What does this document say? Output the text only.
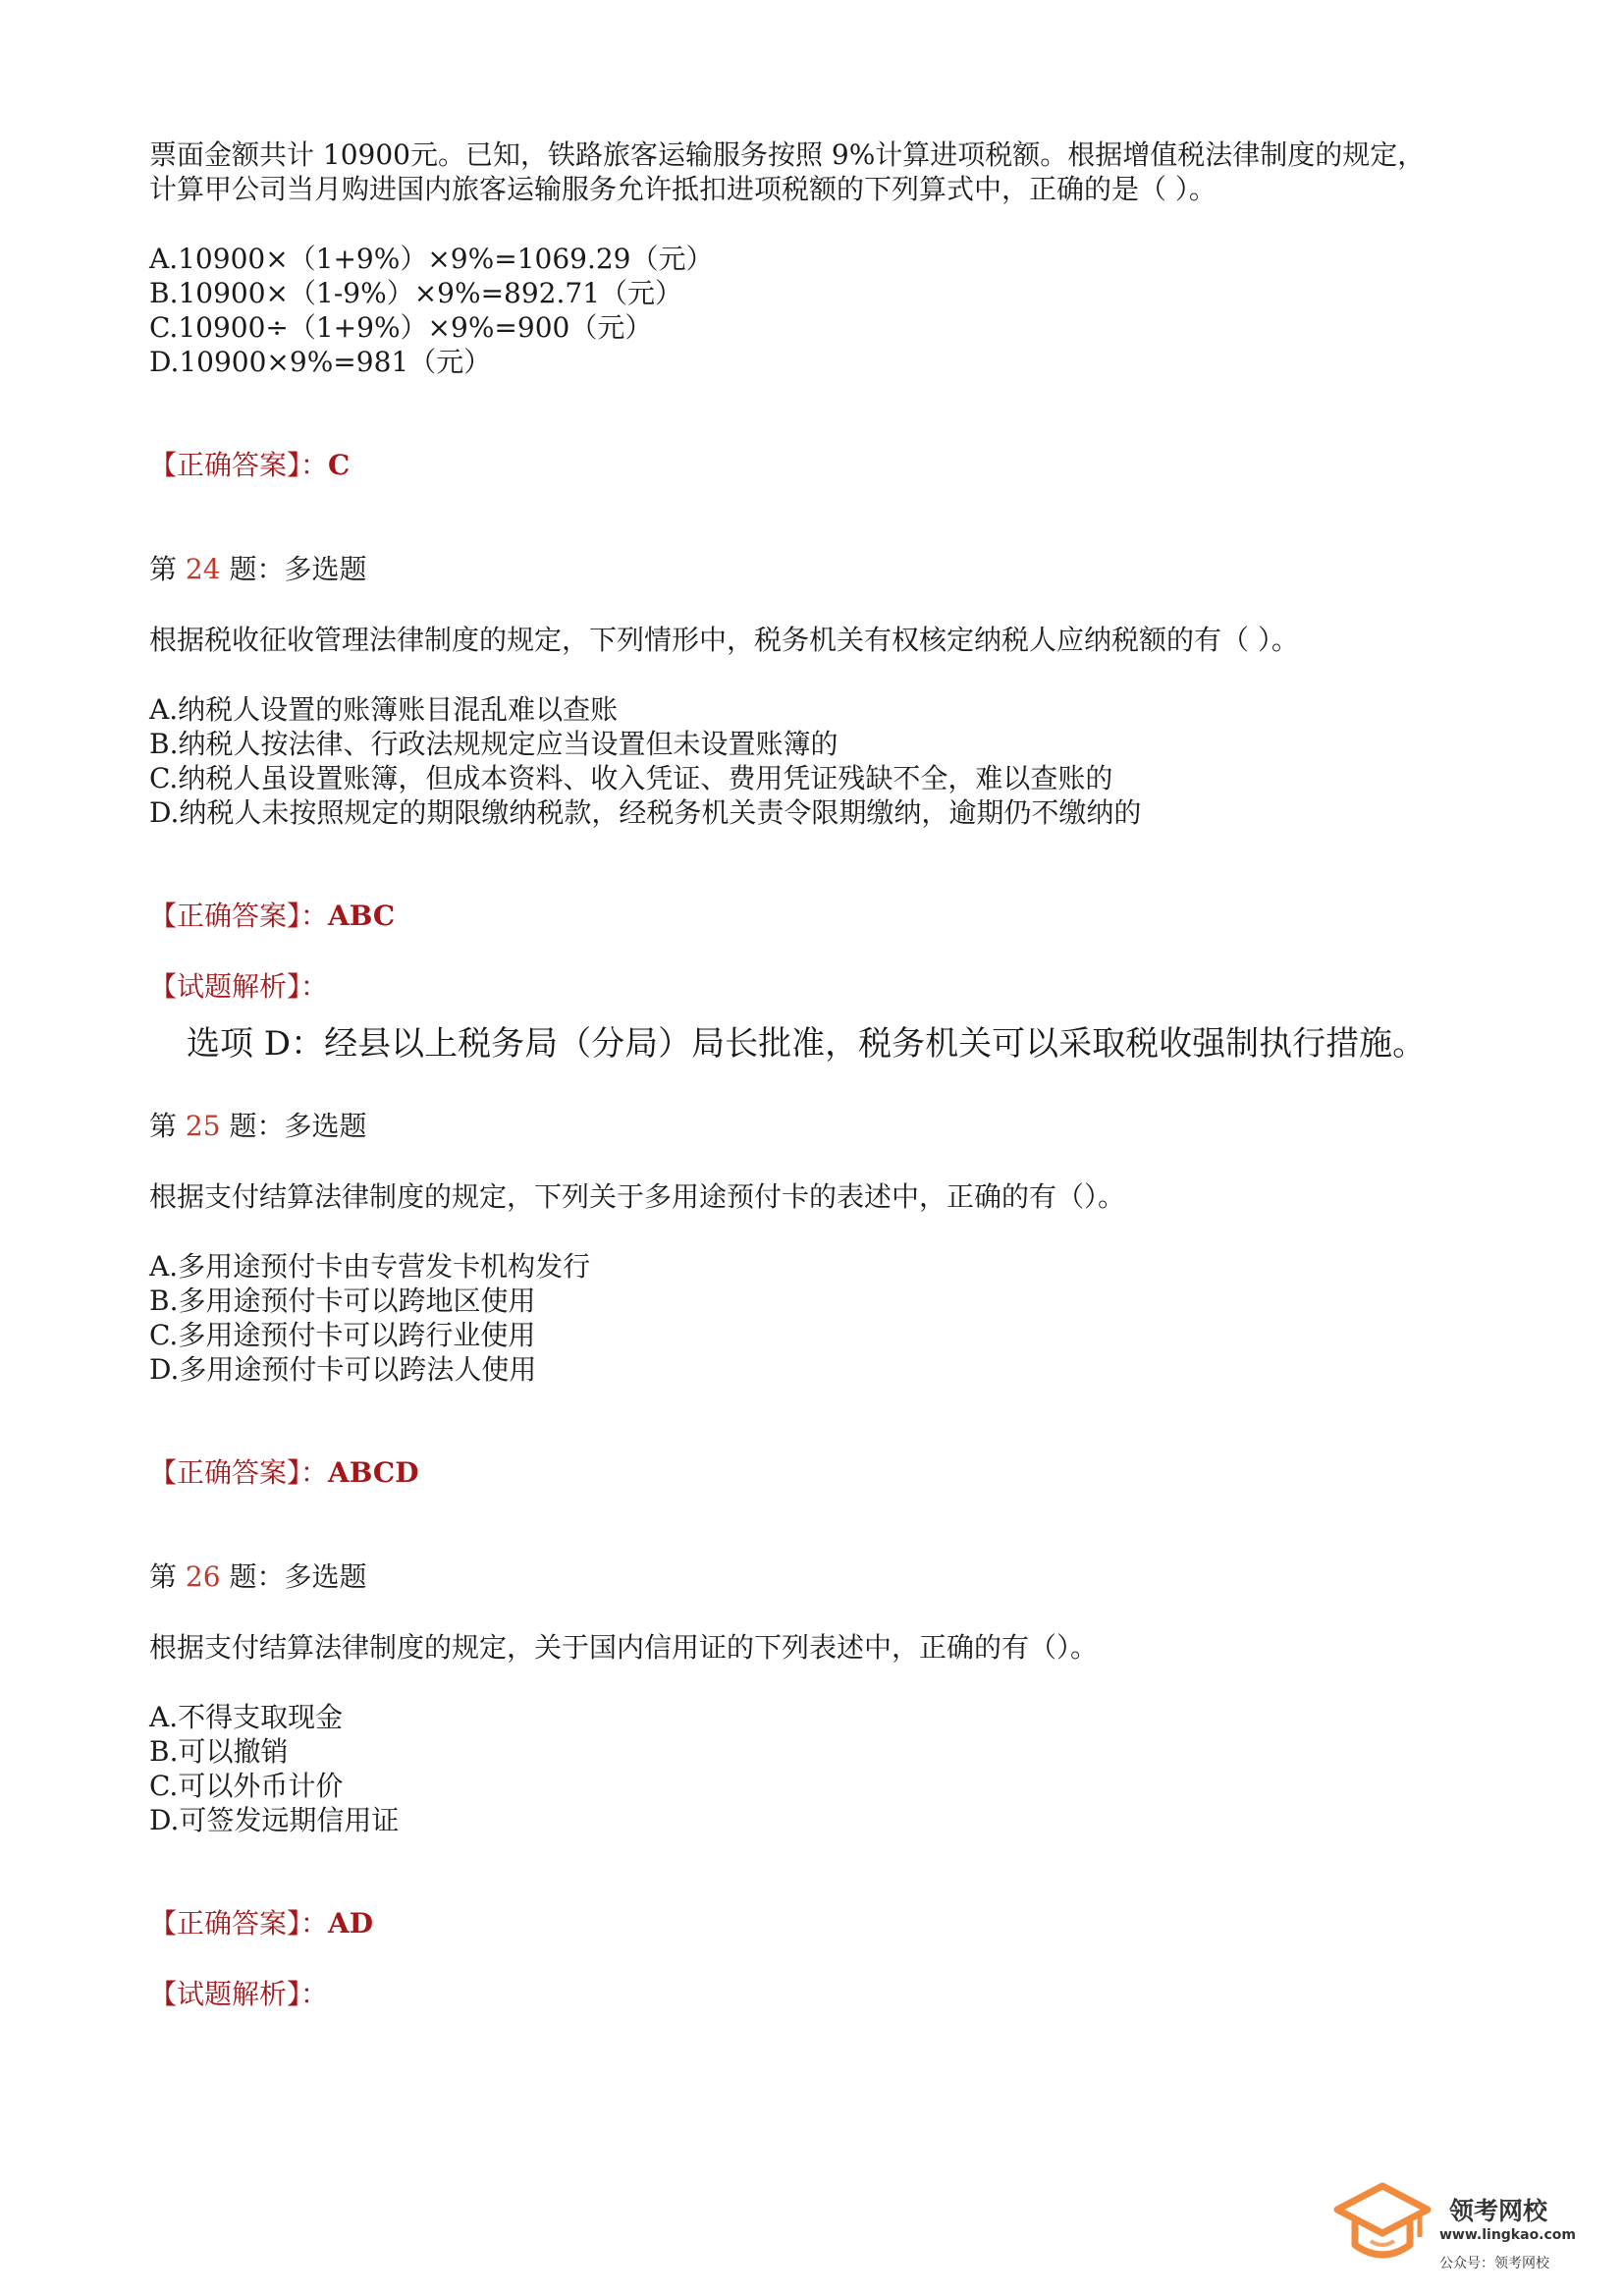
票面金额共计 10900元。已知，铁路旅客运输服务按照 9%计算进项税额。根据增值税法律制度的规定，
计算甲公司当月购进国内旅客运输服务允许抵扣进项税额的下列算式中，正确的是（ ）。
A.10900×（1+9%）×9%=1069.29（元）
B.10900×（1-9%）×9%=892.71（元）
C.10900÷（1+9%）×9%=900（元）
D.10900×9%=981（元）
【正确答案】：C
第 24 题：多选题
根据税收征收管理法律制度的规定，下列情形中，税务机关有权核定纳税人应纳税额的有（ ）。
A.纳税人设置的账簿账目混乱难以查账
B.纳税人按法律、行政法规规定应当设置但未设置账簿的
C.纳税人虽设置账簿，但成本资料、收入凭证、费用凭证残缺不全，难以查账的
D.纳税人未按照规定的期限缴纳税款，经税务机关责令限期缴纳，逾期仍不缴纳的
【正确答案】：ABC
【试题解析】：
选项 D：经县以上税务局（分局）局长批准，税务机关可以采取税收强制执行措施。
第 25 题：多选题
根据支付结算法律制度的规定，下列关于多用途预付卡的表述中，正确的有（）。
A.多用途预付卡由专营发卡机构发行
B.多用途预付卡可以跨地区使用
C.多用途预付卡可以跨行业使用
D.多用途预付卡可以跨法人使用
【正确答案】：ABCD
第 26 题：多选题
根据支付结算法律制度的规定，关于国内信用证的下列表述中，正确的有（）。
A.不得支取现金
B.可以撤销
C.可以外币计价
D.可签发远期信用证
【正确答案】：AD
【试题解析】：
领考网校
www.lingkao.com
公众号：领考网校
